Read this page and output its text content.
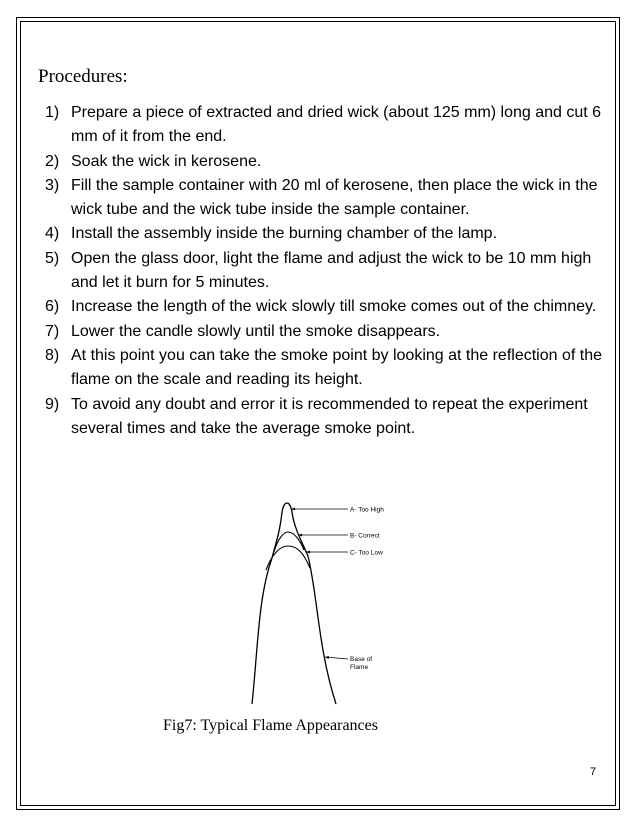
Procedures:
1) Prepare a piece of extracted and dried wick (about 125 mm) long and cut 6 mm of it from the end.
2) Soak the wick in kerosene.
3) Fill the sample container with 20 ml of kerosene, then place the wick in the wick tube and the wick tube inside the sample container.
4) Install the assembly inside the burning chamber of the lamp.
5) Open the glass door, light the flame and adjust the wick to be 10 mm high and let it burn for 5 minutes.
6) Increase the length of the wick slowly till smoke comes out of the chimney.
7) Lower the candle slowly until the smoke disappears.
8) At this point you can take the smoke point by looking at the reflection of the flame on the scale and reading its height.
9) To avoid any doubt and error it is recommended to repeat the experiment several times and take the average smoke point.
A- Too High
B- Correct
C- Too Low
Base of
Flame
Fig7: Typical Flame Appearances
7
